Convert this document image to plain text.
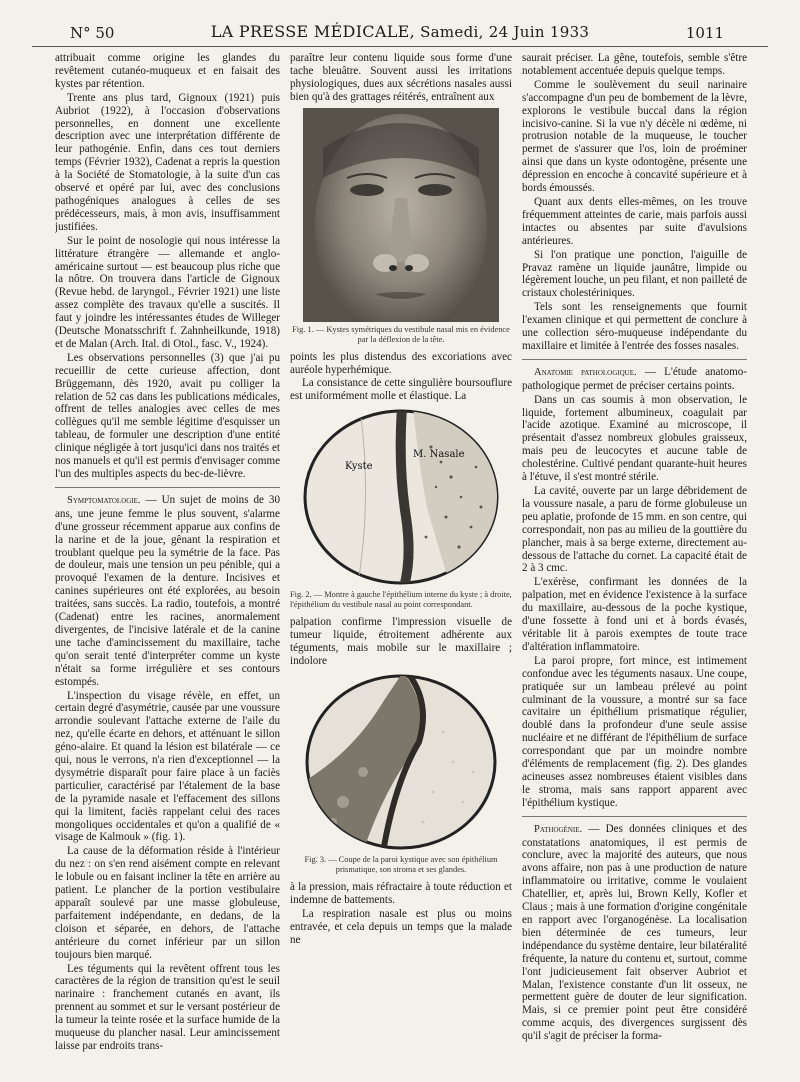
N° 50	LA PRESSE MÉDICALE, Samedi, 24 Juin 1933	1011

attribuait comme origine les glandes du revêtement cutanéo-muqueux et en faisait des kystes par rétention.

Trente ans plus tard, Gignoux (1921) puis Aubriot (1922), à l'occasion d'observations personnelles, en donnent une excellente description avec une interprétation différente de leur pathogénie. Enfin, dans ces tout derniers temps (Février 1932), Cadenat a repris la question à la Société de Stomatologie, à la suite d'un cas observé et opéré par lui, avec des conclusions pathogéniques analogues à celles de ses prédécesseurs, mais, à mon avis, insuffisamment justifiées.

Sur le point de nosologie qui nous intéresse la littérature étrangère — allemande et anglo-américaine surtout — est beaucoup plus riche que la nôtre. On trouvera dans l'article de Gignoux (Revue hebd. de laryngol., Février 1921) une liste assez complète des travaux qu'elle a suscités. Il faut y joindre les intéressantes études de Willeger (Deutsche Monatsschrift f. Zahnheilkunde, 1918) et de Malan (Arch. Ital. di Otol., fasc. V., 1924).

Les observations personnelles (3) que j'ai pu recueillir de cette curieuse affection, dont Brüggemann, dès 1920, avait pu colliger la relation de 52 cas dans les publications médicales, offrent de telles analogies avec celles de mes collègues qu'il me semble légitime d'esquisser un tableau, de formuler une description d'une entité clinique négligée à tort jusqu'ici dans nos traités et nos manuels et qu'il est permis d'envisager comme l'un des multiples aspects du bec-de-lièvre.

Symptomatologie. — Un sujet de moins de 30 ans, une jeune femme le plus souvent, s'alarme d'une grosseur récemment apparue aux confins de la narine et de la joue, gênant la respiration et troublant quelque peu la symétrie de la face. Pas de douleur, mais une tension un peu pénible, qui a provoqué l'examen de la denture. Incisives et canines supérieures ont été explorées, au besoin traitées, sans succès. La radio, toutefois, a montré (Cadenat) entre les racines, anormalement divergentes, de l'incisive latérale et de la canine une tache d'amincissement du maxillaire, tache qu'on serait tenté d'interpréter comme un kyste n'était sa forme irrégulière et ses contours estompés.

L'inspection du visage révèle, en effet, un certain degré d'asymétrie, causée par une voussure arrondie soulevant l'attache externe de l'aile du nez, qu'elle écarte en dehors, et atténuant le sillon géno-alaire. Et quand la lésion est bilatérale — ce qui, nous le verrons, n'a rien d'exceptionnel — la dysymétrie disparaît pour faire place à un faciès particulier, caractérisé par l'étalement de la base de la pyramide nasale et l'effacement des sillons qui la limitent, faciès rappelant celui des races mongoliques occidentales et qu'on a qualifié de « visage de Kalmouk » (fig. 1).

La cause de la déformation réside à l'intérieur du nez : on s'en rend aisément compte en relevant le lobule ou en faisant incliner la tête en arrière au patient. Le plancher de la portion vestibulaire apparaît soulevé par une masse globuleuse, parfaitement indépendante, en dedans, de la cloison et séparée, en dehors, de l'attache antérieure du cornet inférieur par un sillon toujours bien marqué.

Les téguments qui la revêtent offrent tous les caractères de la région de transition qu'est le seuil narinaire : franchement cutanés en avant, ils prennent au sommet et sur le versant postérieur de la tumeur la teinte rosée et la surface humide de la muqueuse du plancher nasal. Leur amincissement laisse par endroits trans-

paraître leur contenu liquide sous forme d'une tache bleuâtre. Souvent aussi les irritations physiologiques, dues aux sécrétions nasales aussi bien qu'à des grattages réitérés, entraînent aux

Fig. 1. — Kystes symétriques du vestibule nasal mis en évidence par la déflexion de la tête.

points les plus distendus des excoriations avec auréole hyperhémique.

La consistance de cette singulière boursouflure est uniformément molle et élastique. La

Kyste
M. Nasale
Fig. 2. — Montre à gauche l'épithélium interne du kyste ; à droite, l'épithélium du vestibule nasal au point correspondant.

palpation confirme l'impression visuelle de tumeur liquide, étroitement adhérente aux téguments, mais mobile sur le maxillaire ; indolore

Fig. 3. — Coupe de la paroi kystique avec son épithélium prismatique, son stroma et ses glandes.

à la pression, mais réfractaire à toute réduction et indemne de battements.

La respiration nasale est plus ou moins entravée, et cela depuis un temps que la malade ne

saurait préciser. La gêne, toutefois, semble s'être notablement accentuée depuis quelque temps.

Comme le soulèvement du seuil narinaire s'accompagne d'un peu de bombement de la lèvre, explorons le vestibule buccal dans la région incisivo-canine. Si la vue n'y décèle ni œdème, ni protrusion notable de la muqueuse, le toucher permet de s'assurer que l'os, loin de proéminer ainsi que dans un kyste odontogène, présente une dépression en encoche à concavité supérieure et à bords émoussés.

Quant aux dents elles-mêmes, on les trouve fréquemment atteintes de carie, mais parfois aussi intactes ou absentes par suite d'avulsions antérieures.

Si l'on pratique une ponction, l'aiguille de Pravaz ramène un liquide jaunâtre, limpide ou légèrement louche, un peu filant, et non pailleté de cristaux cholestériniques.

Tels sont les renseignements que fournit l'examen clinique et qui permettent de conclure à une collection séro-muqueuse indépendante du maxillaire et limitée à l'entrée des fosses nasales.

Anatomie pathologique. — L'étude anatomo-pathologique permet de préciser certains points.

Dans un cas soumis à mon observation, le liquide, fortement albumineux, coagulait par l'acide azotique. Examiné au microscope, il présentait d'assez nombreux globules graisseux, mais peu de leucocytes et aucune table de cholestérine. Cultivé pendant quarante-huit heures à l'étuve, il s'est montré stérile.

La cavité, ouverte par un large débridement de la voussure nasale, a paru de forme globuleuse un peu aplatie, profonde de 15 mm. en son centre, qui correspondait, non pas au milieu de la gouttière du plancher, mais à sa berge externe, directement au-dessous de l'attache du cornet. La capacité était de 2 à 3 cmc.

L'exérèse, confirmant les données de la palpation, met en évidence l'existence à la surface du maxillaire, au-dessous de la poche kystique, d'une fossette à fond uni et à bords évasés, véritable lit à parois exemptes de toute trace d'altération inflammatoire.

La paroi propre, fort mince, est intimement confondue avec les téguments nasaux. Une coupe, pratiquée sur un lambeau prélevé au point culminant de la voussure, a montré sur sa face cavitaire un épithélium prismatique régulier, doublé dans la profondeur d'une seule assise nucléaire et ne différant de l'épithélium de surface correspondant que par un moindre nombre d'éléments de remplacement (fig. 2). Des glandes acineuses assez nombreuses étaient visibles dans le stroma, mais sans rapport apparent avec l'épithélium kystique.

Pathogénie. — Des données cliniques et des constatations anatomiques, il est permis de conclure, avec la majorité des auteurs, que nous avons affaire, non pas à une production de nature inflammatoire ou irritative, comme le voulaient Chatellier, et, après lui, Brown Kelly, Kofler et Claus ; mais à une formation d'origine congénitale en rapport avec l'organogénèse. La localisation bien déterminée de ces tumeurs, leur indépendance du système dentaire, leur bilatéralité fréquente, la nature du contenu et, surtout, comme l'ont judicieusement fait observer Aubriot et Malan, l'existence constante d'un lit osseux, ne permettent guère de douter de leur signification. Mais, si ce premier point peut être considéré comme acquis, des divergences surgissent dès qu'il s'agit de préciser la forma-
